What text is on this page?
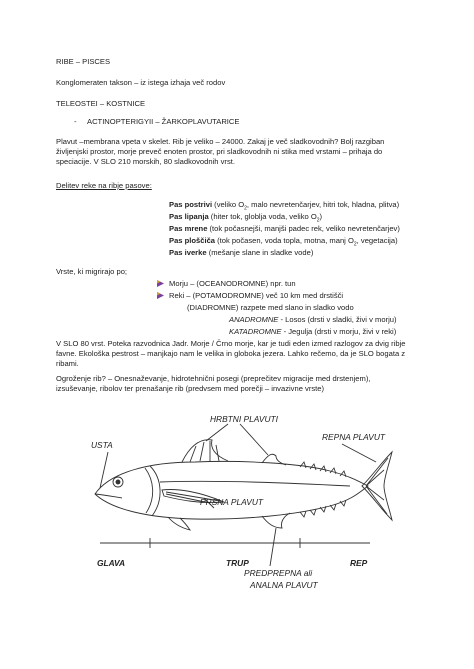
RIBE – PISCES
Konglomeraten takson – iz istega izhaja več rodov
TELEOSTEI – KOSTNICE
- ACTINOPTERIGYII – ŽARKOPLAVUTARICE
Plavut –membrana vpeta v skelet. Rib je veliko – 24000. Zakaj je več sladkovodnih? Bolj razgiban življenjski prostor, morje preveč enoten prostor, pri sladkovodnih ni stika med vrstami – prihaja do speciacije. V SLO 210 morskih, 80 sladkovodnih vrst.
Delitev reke na ribje pasove:
Pas postrivi (veliko $O_2$, malo nevretenčarjev, hitri tok, hladna, plitva)
Pas lipanja (hiter tok, globlja voda, veliko $O_2$)
Pas mrene (tok počasnejši, manjši padec rek, veliko nevretenčarjev)
Pas ploščiča (tok počasen, voda topla, motna, manj $O_2$, vegetacija)
Pas iverke (mešanje slane in sladke vode)
Vrste, ki migrirajo po;
Morju – (OCEANODROMNE) npr. tun
Reki – (POTAMODROMNE) več 10 km med drstišči
(DIADROMNE) razpete med slano in sladko vodo
ANADROMNE - Losos (drsti v sladki, živi v morju)
KATADROMNE - Jegulja (drsti v morju, živi v reki)
V SLO 80 vrst. Poteka razvodnica Jadr. Morje / Črno morje, kar je tudi eden izmed razlogov za dvig ribje favne. Ekološka pestrost – manjkajo nam le velika in globoka jezera. Lahko rečemo, da je SLO bogata z ribami.
Ogroženje rib? – Onesnaževanje, hidrotehnični posegi (preprečitev migracije med drstenjem), izsuševanje, ribolov ter prenašanje rib (predvsem med porečji – invazivne vrste)
HRBTNI PLAVUTI
USTA
REPNA PLAVUT
PRSNA PLAVUT
GLAVA	TRUP	REP
PREDPREPNA ali
ANALNA PLAVUT
